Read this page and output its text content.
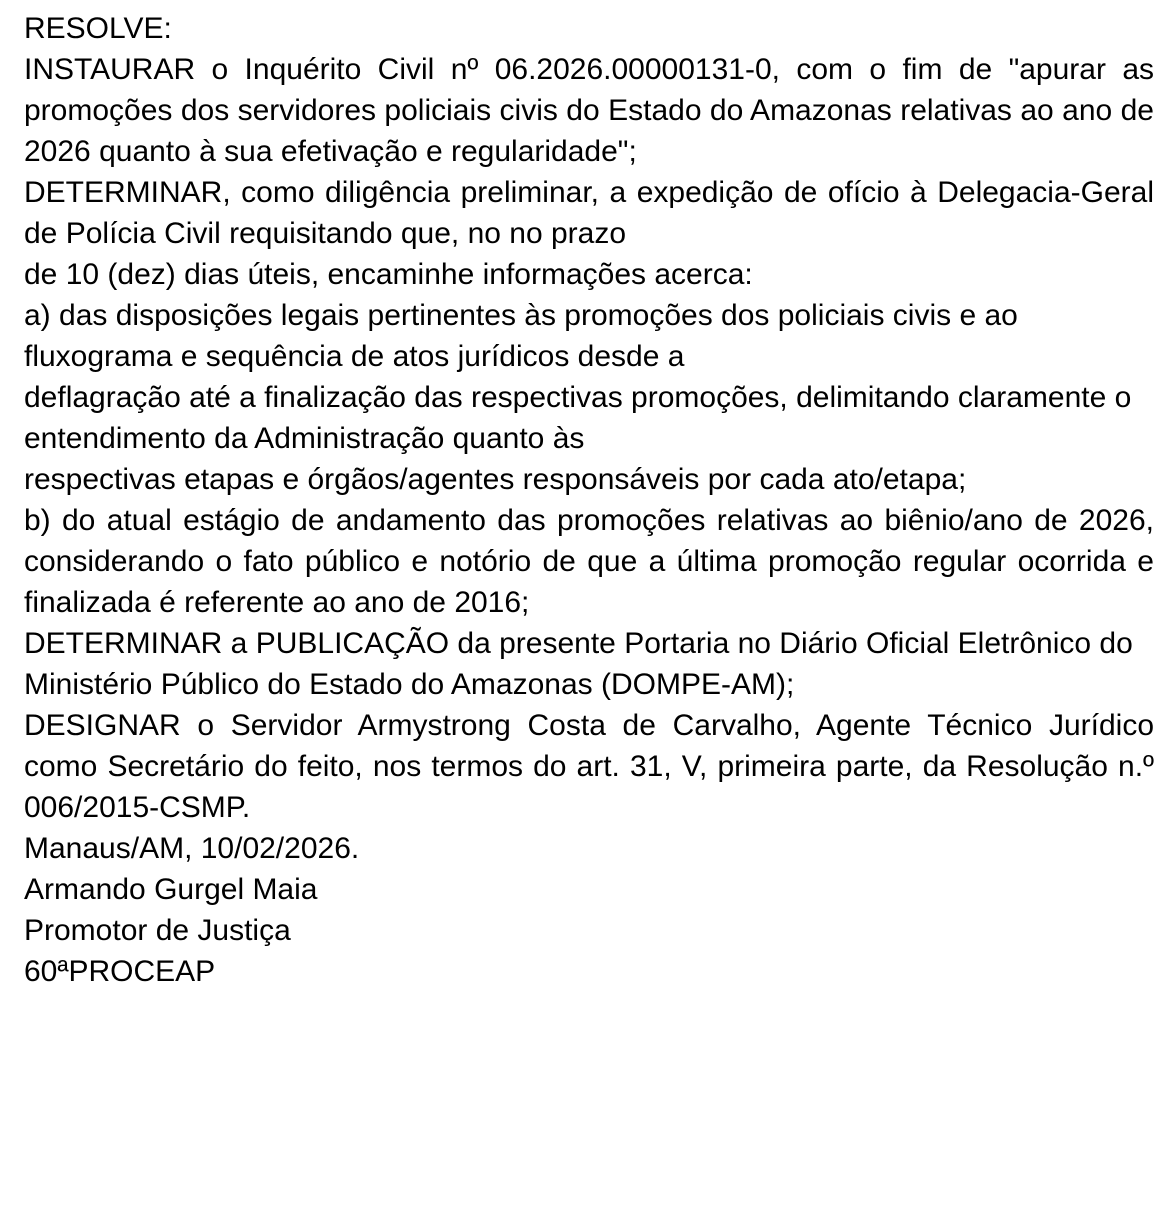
RESOLVE:

INSTAURAR o Inquérito Civil nº 06.2026.00000131-0, com o fim de "apurar as promoções dos servidores policiais civis do Estado do Amazonas relativas ao ano de 2026 quanto à sua efetivação e regularidade";

DETERMINAR, como diligência preliminar, a expedição de ofício à Delegacia-Geral de Polícia Civil requisitando que, no no prazo

de 10 (dez) dias úteis, encaminhe informações acerca:

a) das disposições legais pertinentes às promoções dos policiais civis e ao fluxograma e sequência de atos jurídicos desde a

deflagração até a finalização das respectivas promoções, delimitando claramente o entendimento da Administração quanto às

respectivas etapas e órgãos/agentes responsáveis por cada ato/etapa;

b) do atual estágio de andamento das promoções relativas ao biênio/ano de 2026, considerando o fato público e notório de que a última promoção regular ocorrida e finalizada é referente ao ano de 2016;

DETERMINAR a PUBLICAÇÃO da presente Portaria no Diário Oficial Eletrônico do Ministério Público do Estado do Amazonas (DOMPE-AM);

DESIGNAR o Servidor Armystrong Costa de Carvalho, Agente Técnico Jurídico como Secretário do feito, nos termos do art. 31, V, primeira parte, da Resolução n.º 006/2015-CSMP.

Manaus/AM, 10/02/2026.

Armando Gurgel Maia

Promotor de Justiça

60ªPROCEAP
